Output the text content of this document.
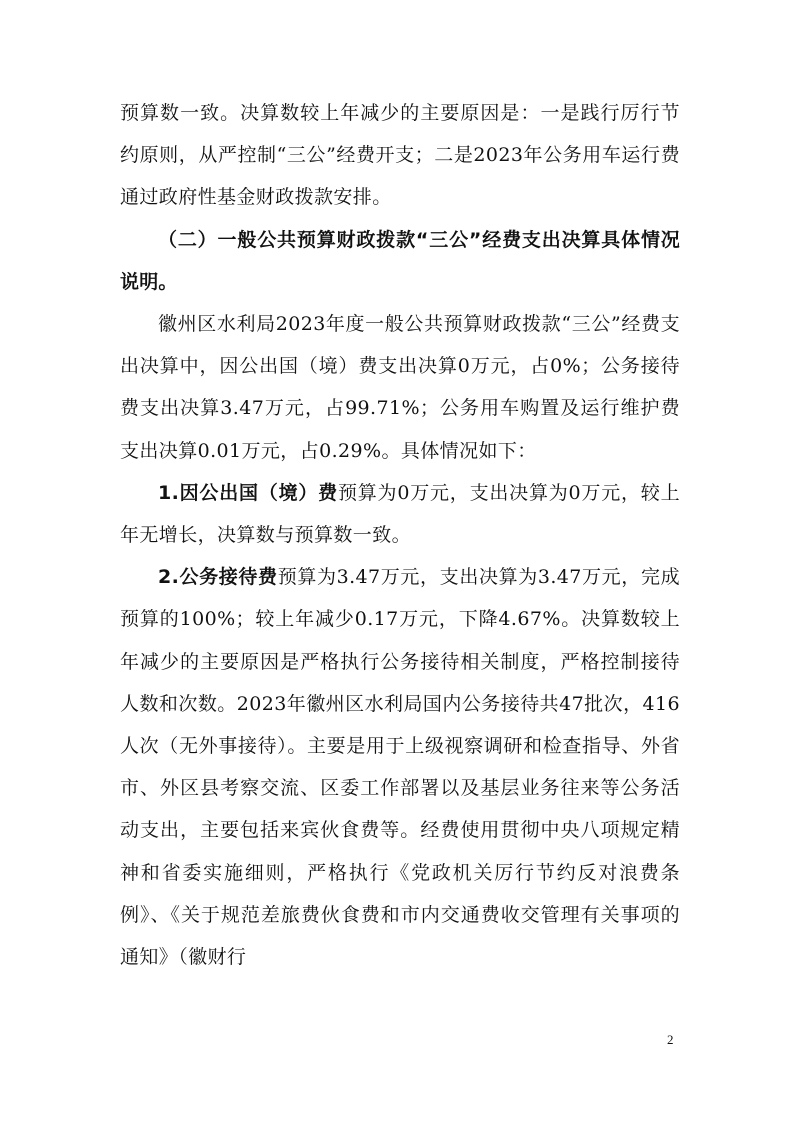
预算数一致。决算数较上年减少的主要原因是：一是践行厉行节约原则，从严控制“三公”经费开支；二是2023年公务用车运行费通过政府性基金财政拨款安排。

（二）一般公共预算财政拨款“三公”经费支出决算具体情况说明。

徽州区水利局2023年度一般公共预算财政拨款“三公”经费支出决算中，因公出国（境）费支出决算0万元，占0%；公务接待费支出决算3.47万元，占99.71%；公务用车购置及运行维护费支出决算0.01万元，占0.29%。具体情况如下：

1.因公出国（境）费预算为0万元，支出决算为0万元，较上年无增长，决算数与预算数一致。

2.公务接待费预算为3.47万元，支出决算为3.47万元，完成预算的100%；较上年减少0.17万元，下降4.67%。决算数较上年减少的主要原因是严格执行公务接待相关制度，严格控制接待人数和次数。2023年徽州区水利局国内公务接待共47批次，416人次（无外事接待）。主要是用于上级视察调研和检查指导、外省市、外区县考察交流、区委工作部署以及基层业务往来等公务活动支出，主要包括来宾伙食费等。经费使用贯彻中央八项规定精神和省委实施细则，严格执行《党政机关厉行节约反对浪费条例》、《关于规范差旅费伙食费和市内交通费收交管理有关事项的通知》（徽财行

2
